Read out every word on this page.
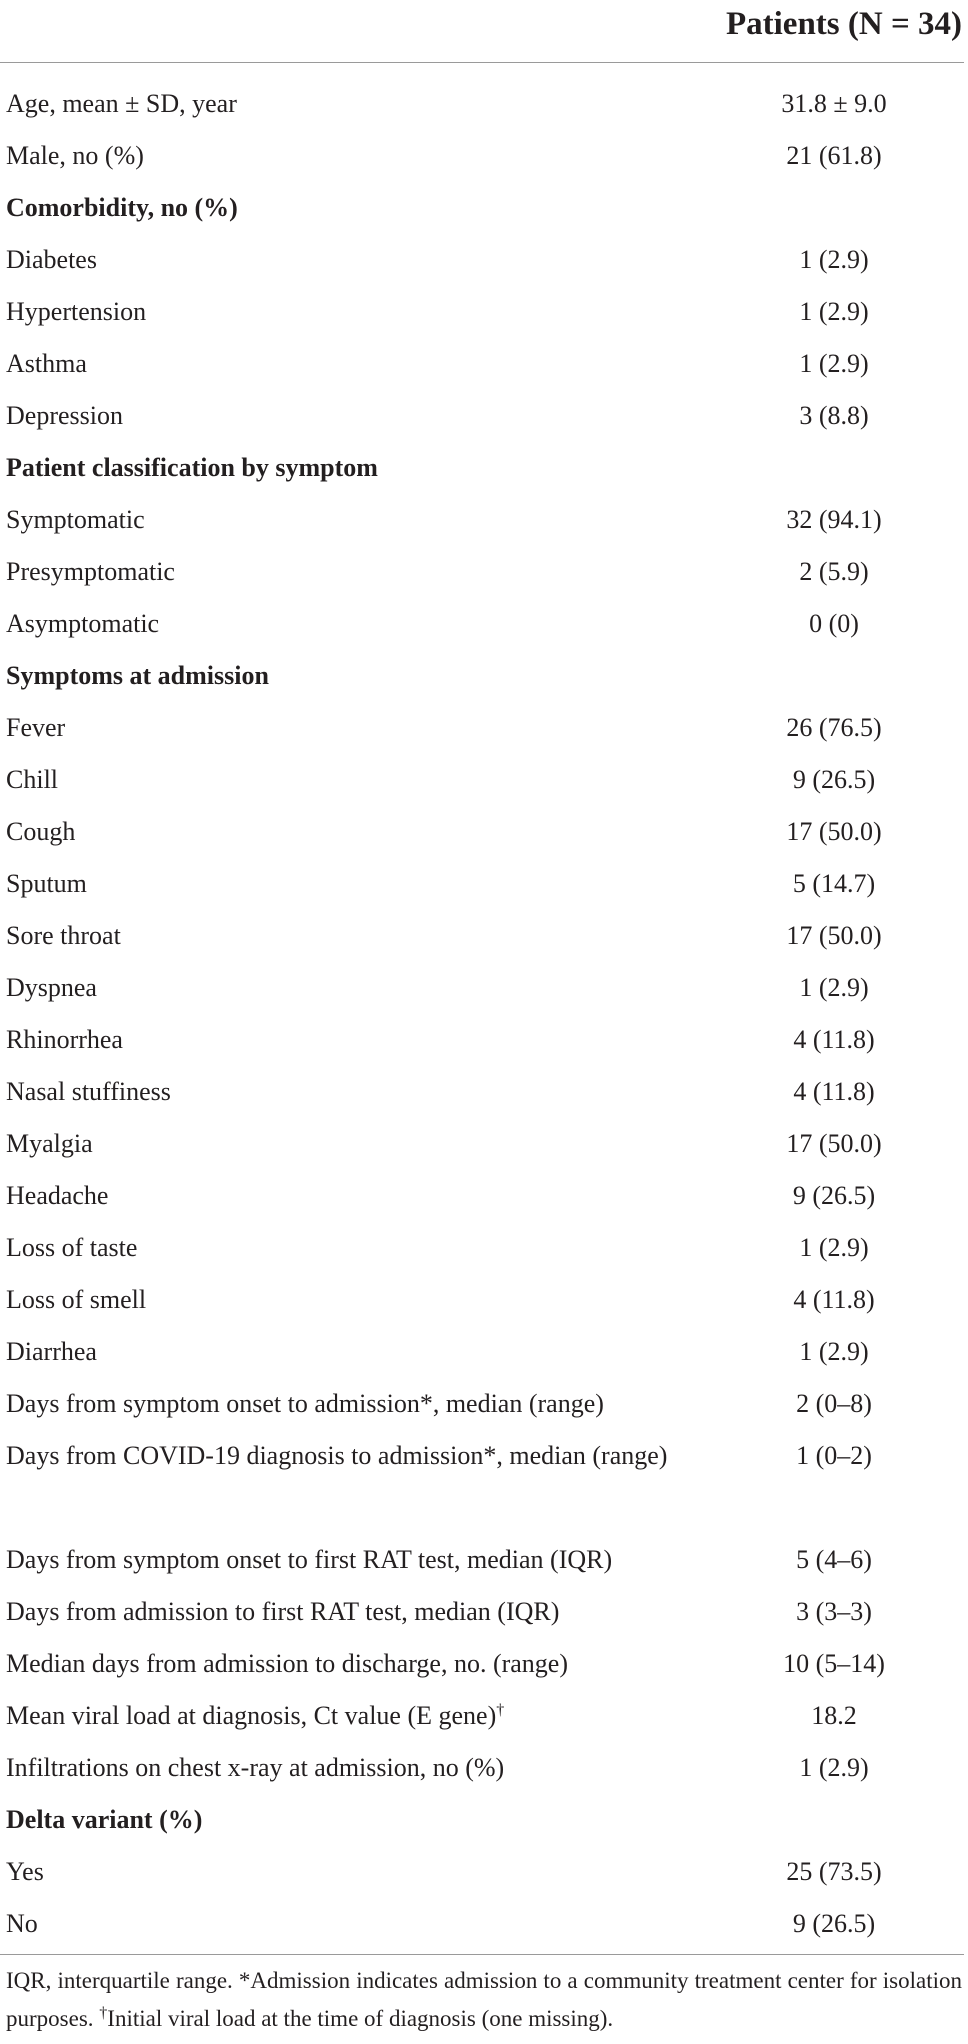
Patients (N = 34)
Age, mean ± SD, year	31.8 ± 9.0
Male, no (%)	21 (61.8)
Comorbidity, no (%)
Diabetes	1 (2.9)
Hypertension	1 (2.9)
Asthma	1 (2.9)
Depression	3 (8.8)
Patient classification by symptom
Symptomatic	32 (94.1)
Presymptomatic	2 (5.9)
Asymptomatic	0 (0)
Symptoms at admission
Fever	26 (76.5)
Chill	9 (26.5)
Cough	17 (50.0)
Sputum	5 (14.7)
Sore throat	17 (50.0)
Dyspnea	1 (2.9)
Rhinorrhea	4 (11.8)
Nasal stuffiness	4 (11.8)
Myalgia	17 (50.0)
Headache	9 (26.5)
Loss of taste	1 (2.9)
Loss of smell	4 (11.8)
Diarrhea	1 (2.9)
Days from symptom onset to admission*, median (range)	2 (0–8)
Days from COVID-19 diagnosis to admission*, median (range)	1 (0–2)
Days from symptom onset to first RAT test, median (IQR)	5 (4–6)
Days from admission to first RAT test, median (IQR)	3 (3–3)
Median days from admission to discharge, no. (range)	10 (5–14)
Mean viral load at diagnosis, Ct value (E gene)†	18.2
Infiltrations on chest x-ray at admission, no (%)	1 (2.9)
Delta variant (%)
Yes	25 (73.5)
No	9 (26.5)
IQR, interquartile range. *Admission indicates admission to a community treatment center for isolation purposes. †Initial viral load at the time of diagnosis (one missing).
